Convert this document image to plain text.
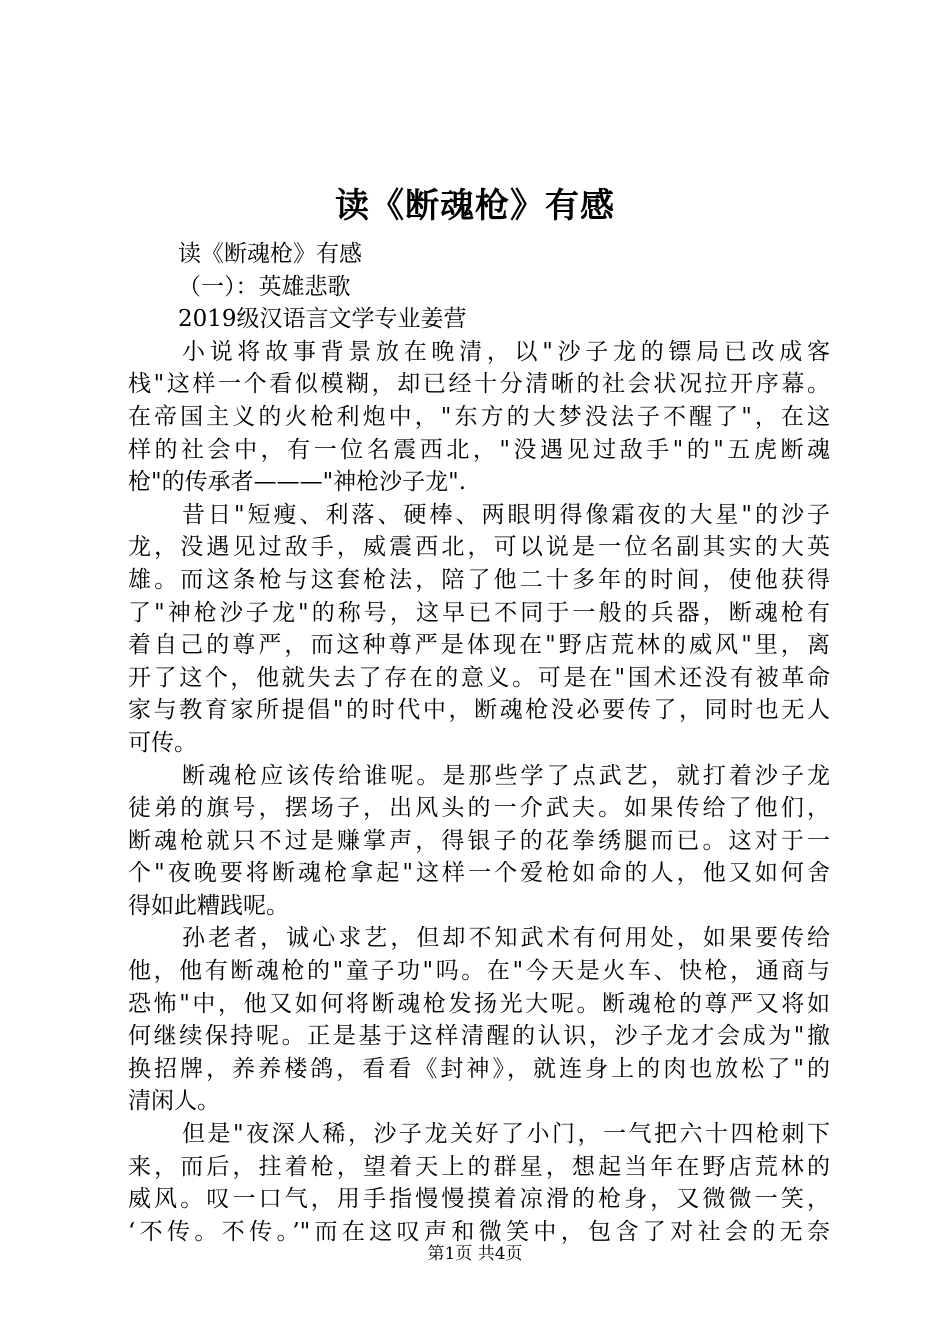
读《断魂枪》有感
读《断魂枪》有感
（一）：英雄悲歌
2019级汉语言文学专业姜营
小说将故事背景放在晚清，以"沙子龙的镖局已改成客
栈"这样一个看似模糊，却已经十分清晰的社会状况拉开序幕。
在帝国主义的火枪利炮中，"东方的大梦没法子不醒了"，在这
样的社会中，有一位名震西北，"没遇见过敌手"的"五虎断魂
枪"的传承者———"神枪沙子龙".
昔日"短瘦、利落、硬棒、两眼明得像霜夜的大星"的沙子
龙，没遇见过敌手，威震西北，可以说是一位名副其实的大英
雄。而这条枪与这套枪法，陪了他二十多年的时间，使他获得
了"神枪沙子龙"的称号，这早已不同于一般的兵器，断魂枪有
着自己的尊严，而这种尊严是体现在"野店荒林的威风"里，离
开了这个，他就失去了存在的意义。可是在"国术还没有被革命
家与教育家所提倡"的时代中，断魂枪没必要传了，同时也无人
可传。
断魂枪应该传给谁呢。是那些学了点武艺，就打着沙子龙
徒弟的旗号，摆场子，出风头的一介武夫。如果传给了他们，
断魂枪就只不过是赚掌声，得银子的花拳绣腿而已。这对于一
个"夜晚要将断魂枪拿起"这样一个爱枪如命的人，他又如何舍
得如此糟践呢。
孙老者，诚心求艺，但却不知武术有何用处，如果要传给
他，他有断魂枪的"童子功"吗。在"今天是火车、快枪，通商与
恐怖"中，他又如何将断魂枪发扬光大呢。断魂枪的尊严又将如
何继续保持呢。正是基于这样清醒的认识，沙子龙才会成为"撤
换招牌，养养楼鸽，看看《封神》，就连身上的肉也放松了"的
清闲人。
但是"夜深人稀，沙子龙关好了小门，一气把六十四枪刺下
来，而后，拄着枪，望着天上的群星，想起当年在野店荒林的
威风。叹一口气，用手指慢慢摸着凉滑的枪身，又微微一笑，
‘不传。不传。’"而在这叹声和微笑中，包含了对社会的无奈
第1页 共4页
